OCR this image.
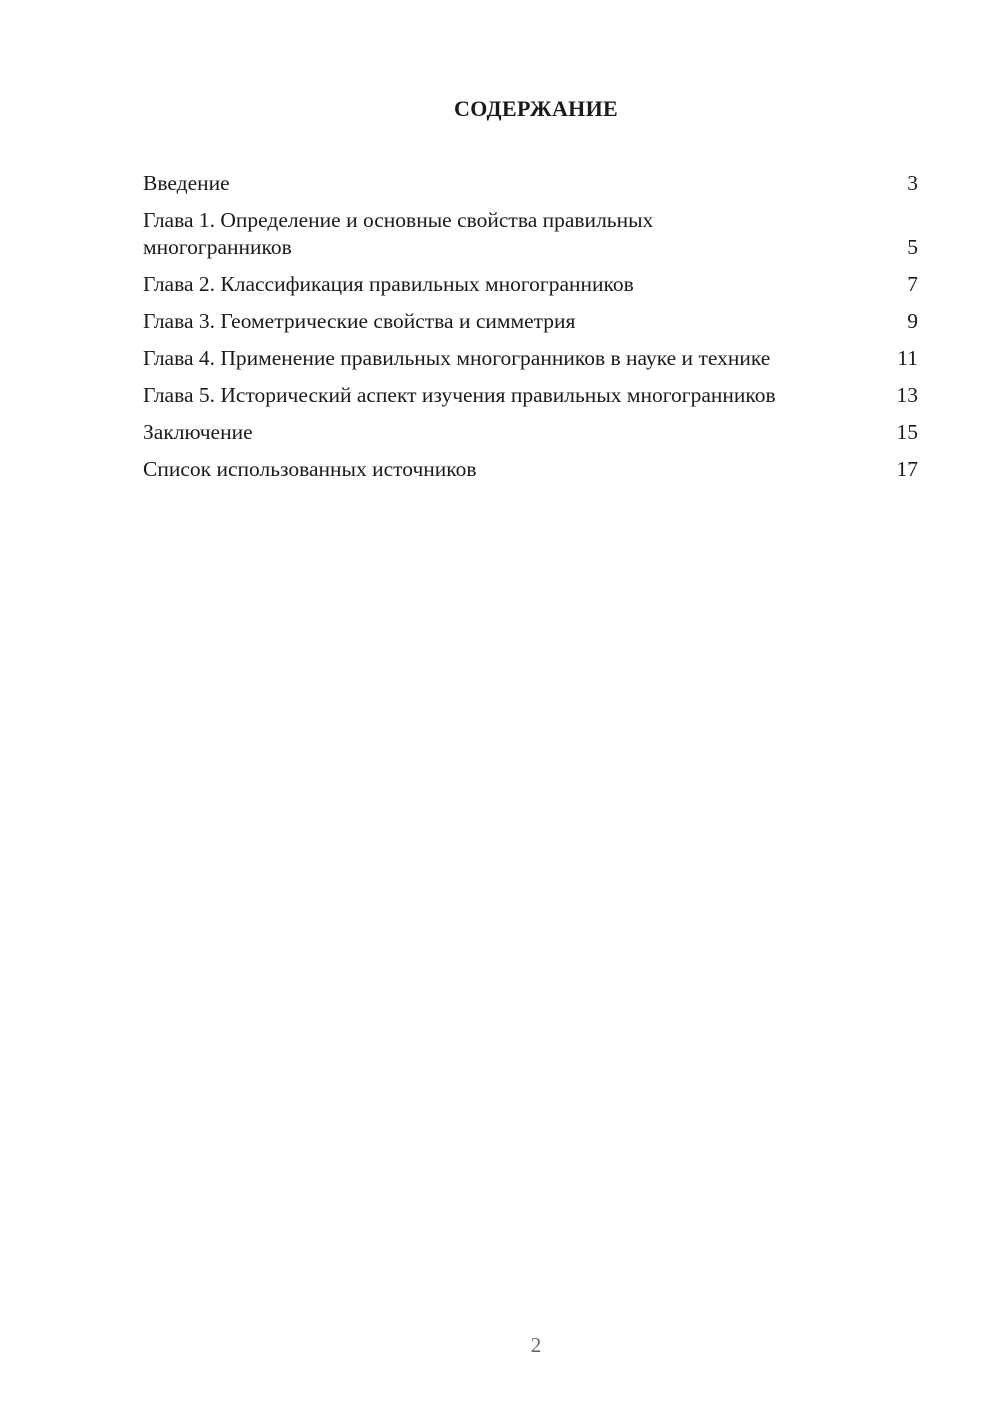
СОДЕРЖАНИЕ
Введение	3
Глава 1. Определение и основные свойства правильных многогранников	5
Глава 2. Классификация правильных многогранников	7
Глава 3. Геометрические свойства и симметрия	9
Глава 4. Применение правильных многогранников в науке и технике	11
Глава 5. Исторический аспект изучения правильных многогранников	13
Заключение	15
Список использованных источников	17
2
